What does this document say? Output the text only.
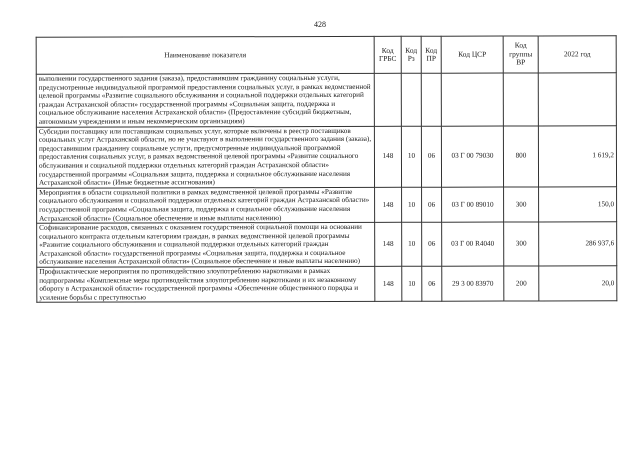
428
Наименование показателя	Код ГРБС	Код Рз	Код ПР	Код ЦСР	Код группы ВР	2022 год
выполнении государственного задания (заказа), предоставившим гражданину социальные услуги, предусмотренные индивидуальной программой предоставления социальных услуг, в рамках ведомственной целевой программы «Развитие социального обслуживания и социальной поддержки отдельных категорий граждан Астраханской области» государственной программы «Социальная защита, поддержка и социальное обслуживание населения Астраханской области» (Предоставление субсидий бюджетным, автономным учреждениям и иным некоммерческим организациям)						
Субсидии поставщику или поставщикам социальных услуг, которые включены в реестр поставщиков социальных услуг Астраханской области, но не участвуют в выполнении государственного задания (заказа), предоставившим гражданину социальные услуги, предусмотренные индивидуальной программой предоставления социальных услуг, в рамках ведомственной целевой программы «Развитие социального обслуживания и социальной поддержки отдельных категорий граждан Астраханской области» государственной программы «Социальная защита, поддержка и социальное обслуживание населения Астраханской области» (Иные бюджетные ассигнования)	148	10	06	03 Г 00 79030	800	1 619,2
Мероприятия в области социальной политики в рамках ведомственной целевой программы «Развитие социального обслуживания и социальной поддержки отдельных категорий граждан Астраханской области» государственной программы «Социальная защита, поддержка и социальное обслуживание населения Астраханской области» (Социальное обеспечение и иные выплаты населению)	148	10	06	03 Г 00 89010	300	150,0
Софинансирование расходов, связанных с оказанием государственной социальной помощи на основании социального контракта отдельным категориям граждан, в рамках ведомственной целевой программы «Развитие социального обслуживания и социальной поддержки отдельных категорий граждан Астраханской области» государственной программы «Социальная защита, поддержка и социальное обслуживание населения Астраханской области» (Социальное обеспечение и иные выплаты населению)	148	10	06	03 Г 00 R4040	300	286 937,6
Профилактические мероприятия по противодействию злоупотреблению наркотиками в рамках подпрограммы «Комплексные меры противодействия злоупотреблению наркотиками и их незаконному обороту в Астраханской области» государственной программы «Обеспечение общественного порядка и усиление борьбы с преступностью	148	10	06	29 3 00 83970	200	20,0
